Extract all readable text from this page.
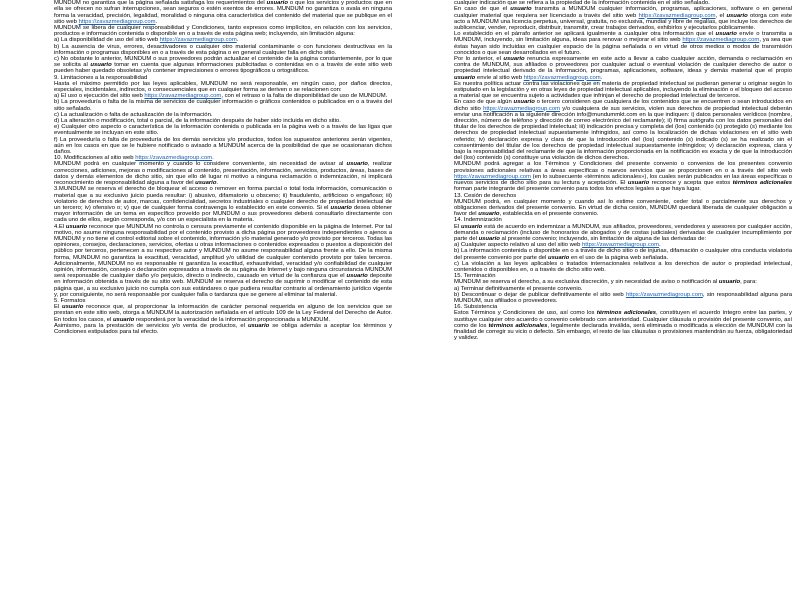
MUNDUM no garantiza que la página señalada satisfaga los requerimientos del usuario o que los servicios y productos que en ella se ofrecen no sufran interrupciones, sean seguros o estén exentos de errores. MUNDUM no garantiza o avala en ninguna forma la veracidad, precisión, legalidad, moralidad o ninguna otra característica del contenido del material que se publique en el sitio web https://zavazmediagroup.com.

MUNDUM se libera de cualquier responsabilidad y Condiciones, tanto expresos como implícitos, en relación con los servicios, productos e información contenida o disponible en o a través de esta página web; incluyendo, sin limitación alguna:

a) La disponibilidad de uso del sitio web https://zavazmediagroup.com.

b) La ausencia de virus, errores, desactivadores o cualquier otro material contaminante o con funciones destructivas en la información o programas disponibles en o a través de esta página o en general cualquier falla en dicho sitio.

c) No obstante lo anterior, MUNDUM o sus proveedores podrán actualizar el contenido de la página constantemente, por lo que se solicita al usuario tomar en cuenta que algunas informaciones publicitadas o contenidas en o a través de este sitio web pueden haber quedado obsoletas y/o contener imprecisiones o errores tipográficos u ortográficos.

9. Limitaciones a la responsabilidad

Hasta el máximo permitido por las leyes aplicables, MUNDUM no será responsable, en ningún caso, por daños directos, especiales, incidentales, indirectos, o consecuenciales que en cualquier forma se deriven o se relacionen con:

a) El uso o ejecución del sitio web https://zavazmediagroup.com, con el retraso o la falta de disponibilidad de uso de MUNDUM.

b) La proveeduría o falta de la misma de servicios de cualquier información o gráficos contenidos o publicados en o a través del sitio señalado.

c) La actualización o falta de actualización de la información.

d) La alteración o modificación, total o parcial, de la información después de haber sido incluida en dicho sitio.

e) Cualquier otro aspecto o característica de la información contenida o publicada en la página web o a través de las ligas que eventualmente se incluyan en este sitio.

f) La proveeduría o falta de proveeduría de los demás servicios y/o productos, todos los supuestos anteriores serán vigentes, aún en los casos en que se le hubiere notificado o avisado a MUNDUM acerca de la posibilidad de que se ocasionaran dichos daños.

10. Modificaciones al sitio web https://zavazmediagroup.com.

MUNDUM podrá en cualquier momento y cuando lo considere conveniente, sin necesidad de avisar al usuario, realizar correcciones, adiciones, mejoras o modificaciones al contenido, presentación, información, servicios, productos, áreas, bases de datos y demás elementos de dicho sitio, sin que ello dé lugar ni motivo a ninguna reclamación o indemnización, ni implicará reconocimiento de responsabilidad alguna a favor del usuario.

3.MUNDUM se reserva el derecho de bloquear el acceso o remover en forma parcial o total toda información, comunicación o material que a su exclusivo juicio pueda resultar: i) abusivo, difamatorio u obsceno; ii) fraudulento, artificioso o engañoso; iii) violatorio de derechos de autor, marcas, confidencialidad, secretos industriales o cualquier derecho de propiedad intelectual de un tercero; iv) ofensivo o; v) que de cualquier forma contravenga lo establecido en este convenio. Si el usuario desea obtener mayor información de un tema en específico proveído por MUNDUM o sus proveedores deberá consultarlo directamente con cada uno de ellos, según corresponda, y/o con un especialista en la materia.

4.El usuario reconoce que MUNDUM no controla o censura previamente el contenido disponible en la página de Internet. Por tal motivo, no asume ninguna responsabilidad por el contenido provisto a dicha página por proveedores independientes o ajenos a MUNDUM y no tiene el control editorial sobre el contenido, información y/o material generado y/o provisto por terceros. Todas las opiniones, consejos, declaraciones, servicios, ofertas u otras informaciones o contenidos expresados o puestos a disposición del público por terceros, pertenecen a su respectivo autor y MUNDUM no asume responsabilidad alguna frente a ello. De la misma forma, MUNDUM no garantiza la exactitud, veracidad, amplitud y/o utilidad de cualquier contenido provisto por tales terceros. Adicionalmente, MUNDUM no es responsable ni garantiza la exactitud, exhaustividad, veracidad y/o confiabilidad de cualquier opinión, información, consejo o declaración expresados a través de su página de Internet y bajo ninguna circunstancia MUNDUM será responsable de cualquier daño y/o perjuicio, directo o indirecto, causado en virtud de la confianza que el usuario deposite en información obtenida a través de su sitio web. MUNDUM se reserva el derecho de suprimir o modificar el contenido de esta página que, a su exclusivo juicio no cumpla con sus estándares o que pudiera resultar contrario al ordenamiento jurídico vigente y, por consiguiente, no será responsable por cualquier falla o tardanza que se genere al eliminar tal material.

5. Formatos

El usuario reconoce que, al proporcionar la información de carácter personal requerida en alguno de los servicios que se prestan en este sitio web, otorga a MUNDUM la autorización señalada en el artículo 109 de la Ley Federal del Derecho de Autor. En todos los casos, el usuario responderá por la veracidad de la información proporcionada a MUNDUM.

Asimismo, para la prestación de servicios y/o venta de productos, el usuario se obliga además a aceptar los términos y Condiciones estipulados para tal efecto.

cualquier indicación que se refiera a la propiedad de la información contenida en el sitio señalado.

En caso de que el usuario transmita a MUNDUM cualquier información, programas, aplicaciones, software o en general cualquier material que requiera ser licenciado a través del sitio web https://zavazmediagroup.com, el usuario otorga con este acto a MUNDUM una licencia perpetua, universal, gratuita, no exclusiva, mundial y libre de regalías, que incluye los derechos de sublicenciar, vender, reproducir, distribuir, transmitir, crear trabajos derivados, exhibirlos y ejecutarlos públicamente.

Lo establecido en el párrafo anterior se aplicará igualmente a cualquier otra información que el usuario envíe o transmita a MUNDUM, incluyendo, sin limitación alguna, ideas para renovar o mejorar el sitio web https://zavazmediagroup.com, ya sea que éstas hayan sido incluidas en cualquier espacio de la página señalada o en virtud de otros medios o modos de transmisión conocidos o que sean desarrollados en el futuro.

Por lo anterior, el usuario renuncia expresamente en este acto a llevar a cabo cualquier acción, demanda o reclamación en contra de MUNDUM, sus afiliados o proveedores por cualquier actual o eventual violación de cualquier derecho de autor o propiedad intelectual derivado de la información, programas, aplicaciones, software, ideas y demás material que el propio usuario envíe al sitio web https://zavazmediagroup.com.

Es nuestra política actuar contra las violaciones que en materia de propiedad intelectual se pudieran generar u originar según lo estipulado en la legislación y en otras leyes de propiedad intelectual aplicables, incluyendo la eliminación o el bloqueo del acceso a material que se encuentra sujeto a actividades que infrinjan el derecho de propiedad intelectual de terceros.

En caso de que algún usuario o tercero consideren que cualquiera de los contenidos que se encuentren o sean introducidos en dicho sitio https://zavazmediagroup.com y/o cualquiera de sus servicios, violen sus derechos de propiedad intelectual deberán enviar una notificación a la siguiente dirección info@mundummkt.com en la que indiquen: i) datos personales verídicos (nombre, dirección, número de teléfono y dirección de correo electrónico del reclamante); ii) firma autógrafa con los datos personales del titular de los derechos de propiedad intelectual; iii) indicación precisa y completa del (los) contenido (s) protegido (s) mediante los derechos de propiedad intelectual supuestamente infringidos, así como la localización de dichas violaciones en el sitio web referido; iv) declaración expresa y clara de que la introducción del (los) contenido (s) indicado (s) se ha realizado sin el consentimiento del titular de los derechos de propiedad intelectual supuestamente infringidos; v) declaración expresa, clara y bajo la responsabilidad del reclamante de que la información proporcionada en la notificación es exacta y de que la introducción del (los) contenido (s) constituye una violación de dichos derechos.

MUNDUM podrá agregar a los Términos y Condiciones del presente convenio o convenios de los presentes convenio provisiones adicionales relativas a áreas específicas o nuevos servicios que se proporcionen en o a través del sitio web https://zavazmediagroup.com (en lo subsecuente «términos adicionales»), los cuales serán publicados en las áreas específicas o nuevos servicios de dicho sitio para su lectura y aceptación. El usuario reconoce y acepta que estos términos adicionales forman parte integrante del presente convenio para todos los efectos legales a que haya lugar.

13. Cesión de derechos

MUNDUM podrá, en cualquier momento y cuando así lo estime conveniente, ceder total o parcialmente sus derechos y obligaciones derivados del presente convenio. En virtud de dicha cesión, MUNDUM quedará liberada de cualquier obligación a favor del usuario, establecida en el presente convenio.

14. Indemnización

El usuario está de acuerdo en indemnizar a MUNDUM, sus afiliados, proveedores, vendedores y asesores por cualquier acción, demanda o reclamación (incluso de honorarios de abogados y de costas judiciales) derivadas de cualquier incumplimiento por parte del usuario al presente convenio; incluyendo, sin limitación de alguna de las derivadas de:

a) Cualquier aspecto relativo al uso del sitio web https://zavazmediagroup.com.

b) La información contenida o disponible en o a través de dicho sitio o de injurias, difamación o cualquier otra conducta violatoria del presente convenio por parte del usuario en el uso de la página web señalada.

c) La violación a las leyes aplicables o tratados internacionales relativos a los derechos de autor o propiedad intelectual, contenidos o disponibles en, o a través de dicho sitio web.

15. Terminación

MUNDUM se reserva el derecho, a su exclusiva discreción, y sin necesidad de aviso o notificación al usuario, para:

a) Terminar definitivamente el presente convenio.

b) Descontinuar o dejar de publicar definitivamente el sitio web https://zavazmediagroup.com, sin responsabilidad alguna para MUNDUM, sus afiliados o proveedores.

16. Subsistencia

Estos Términos y Condiciones de uso, así como los términos adicionales, constituyen el acuerdo íntegro entre las partes, y sustituye cualquier otro acuerdo o convenio celebrado con anterioridad. Cualquier cláusula o provisión del presente convenio, así como de los términos adicionales, legalmente declarada inválida, será eliminada o modificada a elección de MUNDUM con la finalidad de corregir su vicio o defecto. Sin embargo, el resto de las cláusulas o provisiones mantendrán su fuerza, obligatoriedad y validez.
